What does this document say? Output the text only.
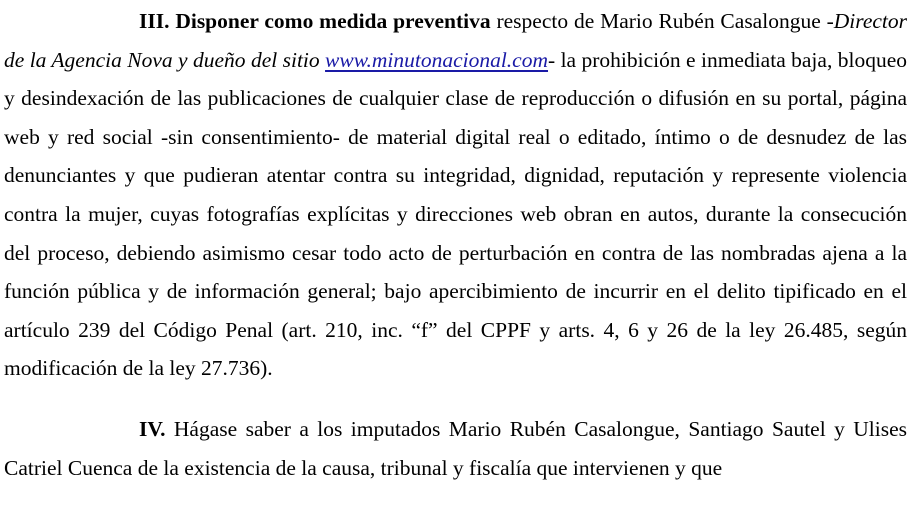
III. Disponer como medida preventiva respecto de Mario Rubén Casalongue -Director de la Agencia Nova y dueño del sitio www.minutonacional.com- la prohibición e inmediata baja, bloqueo y desindexación de las publicaciones de cualquier clase de reproducción o difusión en su portal, página web y red social -sin consentimiento- de material digital real o editado, íntimo o de desnudez de las denunciantes y que pudieran atentar contra su integridad, dignidad, reputación y represente violencia contra la mujer, cuyas fotografías explícitas y direcciones web obran en autos, durante la consecución del proceso, debiendo asimismo cesar todo acto de perturbación en contra de las nombradas ajena a la función pública y de información general; bajo apercibimiento de incurrir en el delito tipificado en el artículo 239 del Código Penal (art. 210, inc. “f” del CPPF y arts. 4, 6 y 26 de la ley 26.485, según modificación de la ley 27.736).

IV. Hágase saber a los imputados Mario Rubén Casalongue, Santiago Sautel y Ulises Catriel Cuenca de la existencia de la causa, tribunal y fiscalía que intervienen y que
